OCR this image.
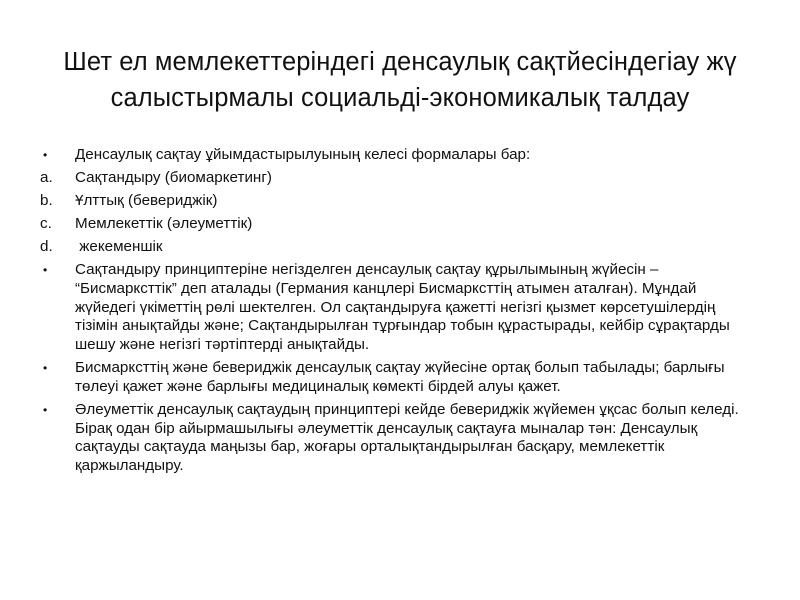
Шет ел мемлекеттеріндегі денсаулық сақтйесіндегіау жү
салыстырмалы социальді-экономикалық талдау
•	Денсаулық сақтау ұйымдастырылуының келесі формалары бар:
a.	Сақтандыру (биомаркетинг)
b.	Ұлттық (бевериджік)
c.	Мемлекеттік (әлеуметтік)
d.	жекеменшік
•	Сақтандыру принциптеріне негізделген денсаулық сақтау құрылымының жүйесін – “Бисмарксттік” деп аталады (Германия канцлері Бисмарксттің атымен аталған). Мұндай жүйедегі үкіметтің рөлі шектелген. Ол сақтандыруға қажетті негізгі қызмет көрсетушілердің тізімін анықтайды және; Сақтандырылған тұрғындар тобын құрастырады, кейбір сұрақтарды шешу және негізгі тәртіптерді анықтайды.
•	Бисмарксттің және бевериджік денсаулық сақтау жүйесіне ортақ болып табылады; барлығы төлеуі қажет және барлығы медициналық көмекті бірдей алуы қажет.
•	Әлеуметтік денсаулық сақтаудың принциптері кейде бевериджік жүйемен ұқсас болып келеді. Бірақ одан бір айырмашылығы әлеуметтік денсаулық сақтауға мыналар тән: Денсаулық сақтауды сақтауда маңызы бар, жоғары орталықтандырылған басқару, мемлекеттік қаржыландыру.
